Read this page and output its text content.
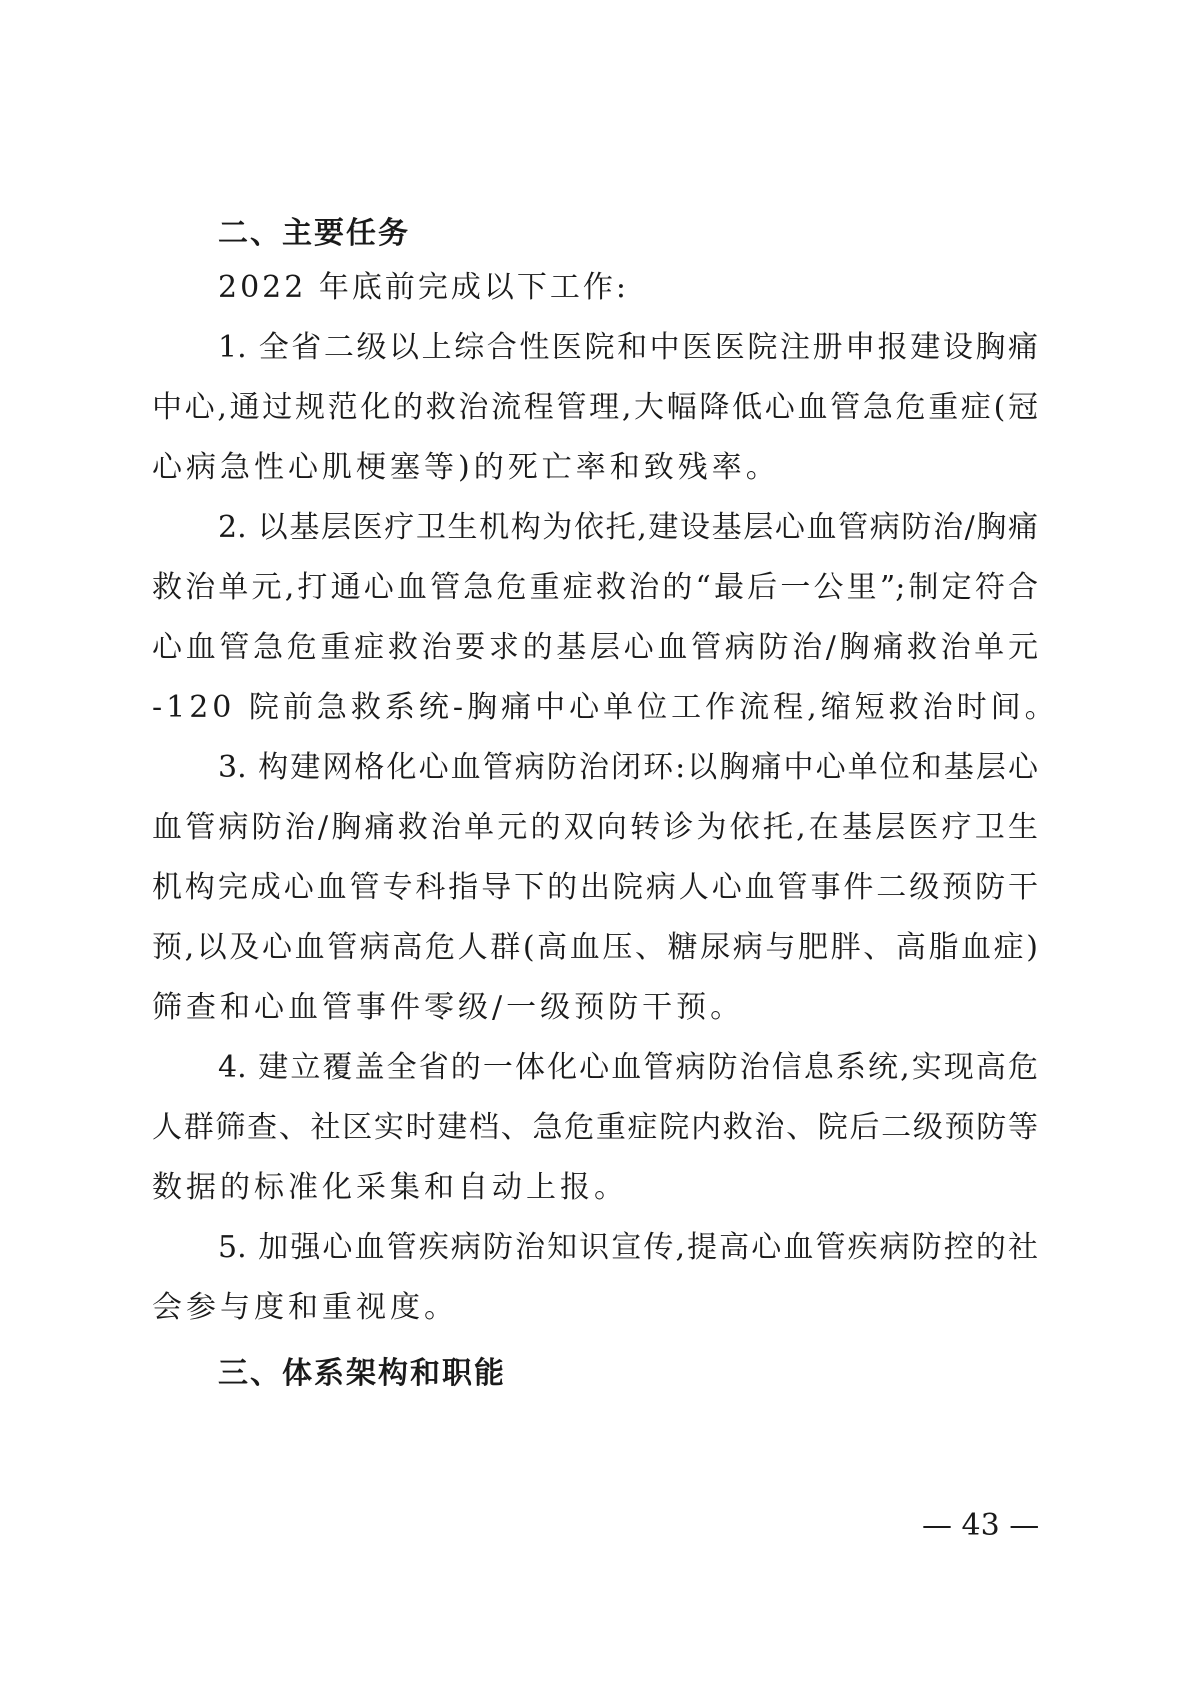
二、主要任务
2022 年底前完成以下工作:
1. 全省二级以上综合性医院和中医医院注册申报建设胸痛
中心,通过规范化的救治流程管理,大幅降低心血管急危重症(冠
心病急性心肌梗塞等)的死亡率和致残率。
2. 以基层医疗卫生机构为依托,建设基层心血管病防治/胸痛
救治单元,打通心血管急危重症救治的“最后一公里”;制定符合
心血管急危重症救治要求的基层心血管病防治/胸痛救治单元
-120 院前急救系统-胸痛中心单位工作流程,缩短救治时间。
3. 构建网格化心血管病防治闭环:以胸痛中心单位和基层心
血管病防治/胸痛救治单元的双向转诊为依托,在基层医疗卫生
机构完成心血管专科指导下的出院病人心血管事件二级预防干
预,以及心血管病高危人群(高血压、糖尿病与肥胖、高脂血症)
筛查和心血管事件零级/一级预防干预。
4. 建立覆盖全省的一体化心血管病防治信息系统,实现高危
人群筛查、社区实时建档、急危重症院内救治、院后二级预防等
数据的标准化采集和自动上报。
5. 加强心血管疾病防治知识宣传,提高心血管疾病防控的社
会参与度和重视度。
三、体系架构和职能
— 43 —
